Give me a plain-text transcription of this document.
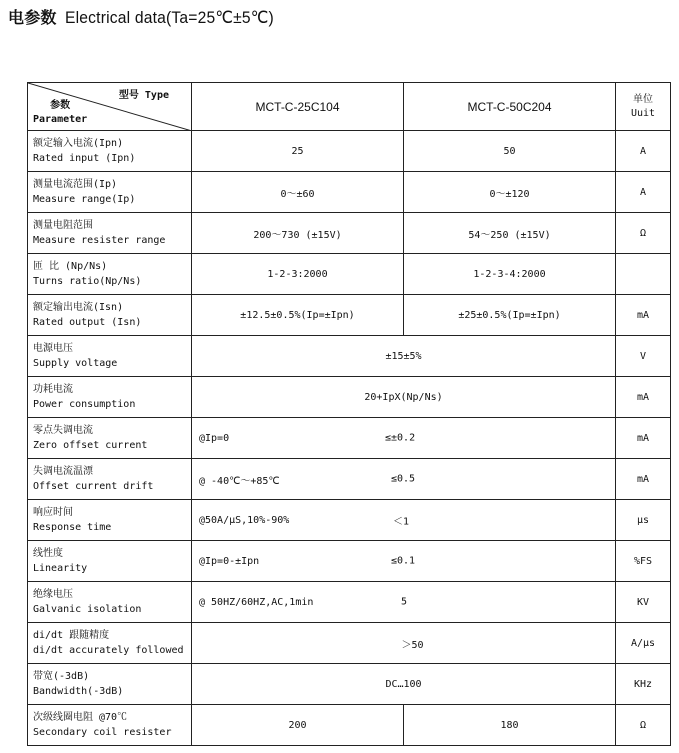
电参数 Electrical data(Ta=25℃±5℃)
型号 Type
参数
Parameter	MCT-C-25C104	MCT-C-50C204	单位
Uuit

额定输入电流(Ipn)
Rated input (Ipn)	25	50	A

测量电流范围(Ip)
Measure range(Ip)	0～±60	0～±120	A

测量电阻范围
Measure resister range	200～730 (±15V)	54～250 (±15V)	Ω

匝 比 (Np/Ns)
Turns ratio(Np/Ns)	1-2-3:2000	1-2-3-4:2000	

额定输出电流(Isn)
Rated output (Isn)	±12.5±0.5%(Ip=±Ipn)	±25±0.5%(Ip=±Ipn)	mA

电源电压
Supply voltage	±15±5%		V

功耗电流
Power consumption	20+IpX(Np/Ns)		mA

零点失调电流
Zero offset current	@Ip=0 ≤±0.2		mA

失调电流温漂
Offset current drift	@ -40℃～+85℃ ≤0.5		mA

响应时间
Response time	@50A/μS,10%-90% ＜1		μs

线性度
Linearity	@Ip=0-±Ipn ≤0.1		%FS

绝缘电压
Galvanic isolation	@ 50HZ/60HZ,AC,1min 5		KV

di/dt 跟随精度
di/dt accurately followed	＞50		A/μs

带宽(-3dB)
Bandwidth(-3dB)	DC…100		KHz

次级线圈电阻 @70℃
Secondary coil resister	200	180	Ω
